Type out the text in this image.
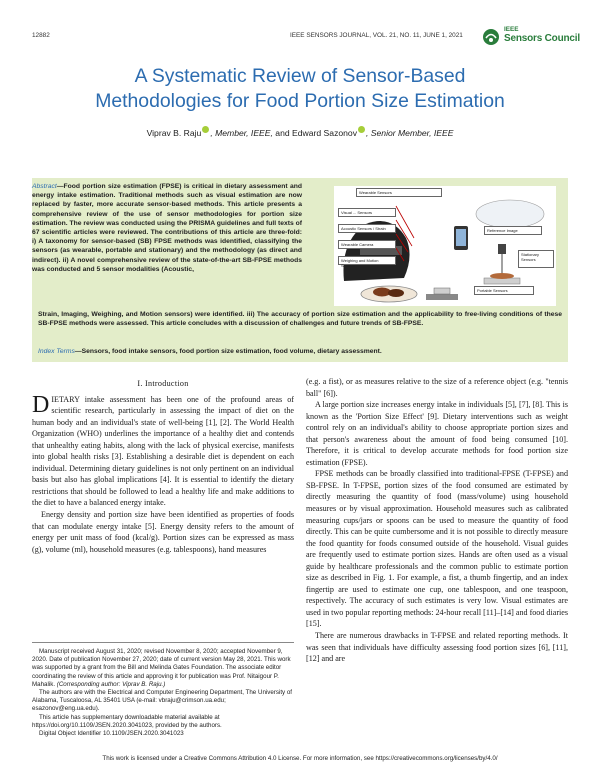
12882	IEEE SENSORS JOURNAL, VOL. 21, NO. 11, JUNE 1, 2021
IEEE
Sensors Council
A Systematic Review of Sensor-Based
Methodologies for Food Portion Size Estimation
Viprav B. Raju , Member, IEEE, and Edward Sazonov , Senior Member, IEEE
Abstract—Food portion size estimation (FPSE) is critical in dietary assessment and energy intake estimation. Traditional methods such as visual estimation are now replaced by faster, more accurate sensor-based methods. This article presents a comprehensive review of the use of sensor methodologies for portion size estimation. The review was conducted using the PRISMA guidelines and full texts of 67 scientific articles were reviewed. The contributions of this article are three-fold: i) A taxonomy for sensor-based (SB) FPSE methods was identified, classifying the sensors (as wearable, portable and stationary) and the methodology (as direct and indirect). ii) A novel comprehensive review of the state-of-the-art SB-FPSE methods was conducted and 5 sensor modalities (Acoustic,
Wearable Sensors
Visual ... Sensors
Acoustic Sensors / Strain
Wearable Camera
Weighing and Motion Sensors
Reference Image
Stationary Sensors
Portable Sensors
Strain, Imaging, Weighing, and Motion sensors) were identified. iii) The accuracy of portion size estimation and the applicability to free-living conditions of these SB-FPSE methods were assessed. This article concludes with a discussion of challenges and future trends of SB-FPSE.
Index Terms—Sensors, food intake sensors, food portion size estimation, food volume, dietary assessment.
I. Introduction

DIETARY intake assessment has been one of the profound areas of scientific research, particularly in assessing the impact of diet on the human body and an individual's state of well-being [1], [2]. The World Health Organization (WHO) underlines the importance of a healthy diet and contends that unhealthy eating habits, along with the lack of physical exercise, manifests into global health risks [3]. Establishing a desirable diet is dependent on each individual. Determining dietary guidelines is not only pertinent on an individual basis but also has global implications [4]. It is essential to identify the dietary restrictions that should be followed to lead a healthy life and make additions to the diet to have a balanced energy intake.

Energy density and portion size have been identified as properties of foods that can modulate energy intake [5]. Energy density refers to the amount of energy per unit mass of food (kcal/g). Portion sizes can be expressed as mass (g), volume (ml), household measures (e.g. tablespoons), hand measures

Manuscript received August 31, 2020; revised November 8, 2020; accepted November 9, 2020. Date of publication November 27, 2020; date of current version May 28, 2021. This work was supported by a grant from the Bill and Melinda Gates Foundation. The associate editor coordinating the review of this article and approving it for publication was Prof. Nitaigour P. Mahalik. (Corresponding author: Viprav B. Raju.)

The authors are with the Electrical and Computer Engineering Department, The University of Alabama, Tuscaloosa, AL 35401 USA (e-mail: vbraju@crimson.ua.edu; esazonov@eng.ua.edu).

This article has supplementary downloadable material available at https://doi.org/10.1109/JSEN.2020.3041023, provided by the authors.

Digital Object Identifier 10.1109/JSEN.2020.3041023

(e.g. a fist), or as measures relative to the size of a reference object (e.g. "tennis ball" [6]).

A large portion size increases energy intake in individuals [5], [7], [8]. This is known as the 'Portion Size Effect' [9]. Dietary interventions such as weight control rely on an individual's ability to choose appropriate portion sizes and that person's awareness about the amount of food being consumed [10]. Therefore, it is critical to develop accurate methods for food portion size estimation (FPSE).

FPSE methods can be broadly classified into traditional-FPSE (T-FPSE) and SB-FPSE. In T-FPSE, portion sizes of the food consumed are estimated by directly measuring the quantity of food (mass/volume) using household measures or by visual approximation. Household measures such as calibrated measuring cups/jars or spoons can be used to measure the quantity of food directly. This can be quite cumbersome and it is not possible to directly measure the food quantity for foods consumed outside of the household. Visual guides are frequently used to estimate portion sizes. Hands are often used as a visual guide by healthcare professionals and the common public to estimate portion size as described in Fig. 1. For example, a fist, a thumb fingertip, and an index fingertip are used to estimate one cup, one tablespoon, and one teaspoon, respectively. The accuracy of such estimates is very low. Visual estimates are used in two popular reporting methods: 24-hour recall [11]–[14] and food diaries [15].

There are numerous drawbacks in T-FPSE and related reporting methods. It was seen that individuals have difficulty assessing food portion sizes [6], [11], [12] and are

This work is licensed under a Creative Commons Attribution 4.0 License. For more information, see https://creativecommons.org/licenses/by/4.0/
